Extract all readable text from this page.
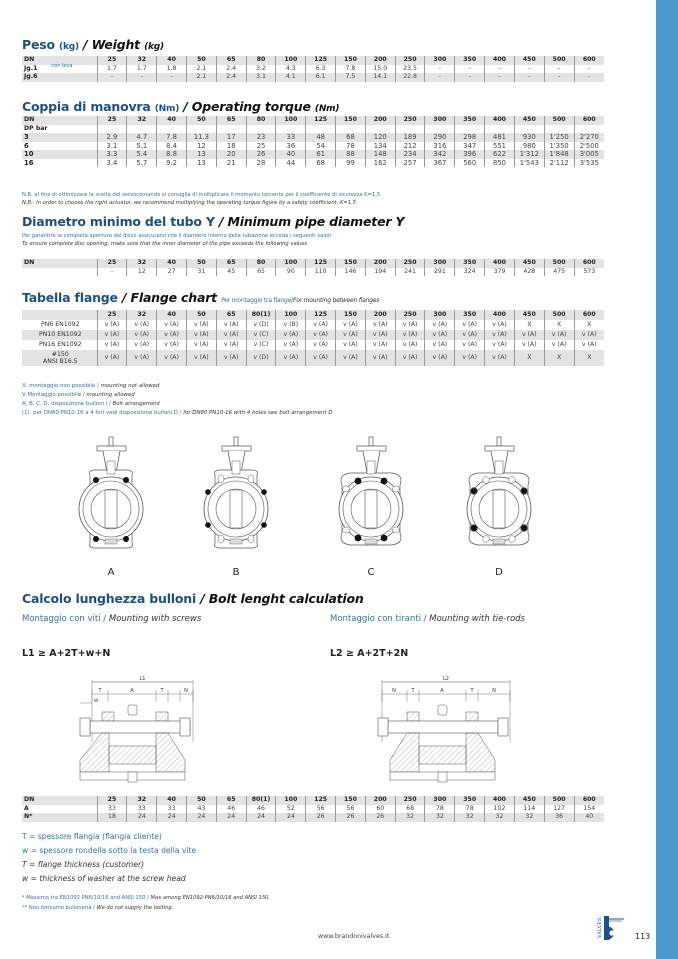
Peso (kg) / Weight (kg)
DN	25	32	40	50	65	80	100	125	150	200	250	300	350	400	450	500	600
Jg.1 con leva	1.7	1.7	1.8	2.1	2.4	3.2	4.3	6.3	7.8	15.0	23.5	-	-	-	-	-	-
Jg.6	-	-	-	2.1	2.4	3.1	4.1	6.1	7.5	14.1	22.8	-	-	-	-	-	-
Coppia di manovra (Nm) / Operating torque (Nm)
DN	25	32	40	50	65	80	100	125	150	200	250	300	350	400	450	500	600
DP bar																	
3	2.9	4.7	7.8	11.3	17	23	33	48	68	120	189	290	298	481	930	1'250	2'270
6	3.1	5.1	8.4	12	18	25	36	54	78	134	212	316	347	551	980	1'350	2'500
10	3.3	5.4	8.8	13	20	26	40	61	88	148	234	342	396	622	1'312	1'848	3'005
16	3.4	5.7	9.2	13	21	28	44	68	99	162	257	367	560	850	1'543	2'112	3'535
N.B. al fine di ottimizzare la scelta del servocomando si consiglia di moltiplicare il momento torcente per il coefficiente di sicurezza K=1.5
N.B.: In order to choose the right actuator, we recommend multiplying the operating torque figure by a safety coefficient. K=1.5
Diametro minimo del tubo Y / Minimum pipe diameter Y
Per garantire la completa apertura del disco assicurarsi che il diametro interno della tubazione ecceda i seguenti valori
To ensure complete disc opening, make sure that the inner diameter of the pipe exceeds the following values
DN	25	32	40	50	65	80	100	125	150	200	250	300	350	400	450	500	600
	-	12	27	31	45	65	90	110	146	194	241	291	324	379	428	475	573
Tabella flange / Flange chart Per montaggio tra flange/For mounting between flanges
	25	32	40	50	65	80(1)	100	125	150	200	250	300	350	400	450	500	600
PN6 EN1092	v (A)	v (A)	v (A)	v (A)	v (A)	v (D)	v (B)	v (A)	v (A)	v (A)	v (A)	v (A)	v (A)	v (A)	X	X	X
PN10 EN1092	v (A)	v (A)	v (A)	v (A)	v (A)	v (C)	v (A)	v (A)	v (A)	v (A)	v (A)	v (A)	v (A)	v (A)	v (A)	v (A)	v (A)
PN16 EN1092	v (A)	v (A)	v (A)	v (A)	v (A)	v (C)	v (A)	v (A)	v (A)	v (A)	v (A)	v (A)	v (A)	v (A)	v (A)	v (A)	v (A)
#150
ANSI B16.5	v (A)	v (A)	v (A)	v (A)	v (A)	v (D)	v (A)	v (A)	v (A)	v (A)	v (A)	v (A)	v (A)	v (A)	X	X	X
X: montaggio non possibile / mounting not allowed
V Montaggio possibile / mounting allowed
A, B, C, D: disposizione bulloni l / Bolt arrangement
(1): per DN80 PN10-16 a 4 fori vedi disposizione bulloni D / for DN80 PN10-16 with 4 holes see bolt arrangement D
A	B	C	D
Calcolo lunghezza bulloni / Bolt lenght calculation
Montaggio con viti / Mounting with screws	Montaggio con tiranti / Mounting with tie-rods
L1 ≥ A+2T+w+N	L2 ≥ A+2T+2N
L1
T	A	T	N
W
L2
N	T	A	T	N
DN	25	32	40	50	65	80(1)	100	125	150	200	250	300	350	400	450	500	600
A	33	33	33	43	46	46	52	56	56	60	68	78	78	102	114	127	154
N*	18	24	24	24	24	24	24	26	26	26	32	32	32	32	32	36	40
T = spessore flangia (flangia cliente)
w = spessore rondella sotto la testa della vite
T = flange thickness (customer)
w = thickness of washer at the screw head
* Massimo tra EN1092 PN6/10/16 and ANSI 150 / Max among EN1092 PN6/10/16 and ANSI 150.
** Non forniamo bulloneria / We do not supply the bolting.
www.brandonivalves.it	VALVES	113
